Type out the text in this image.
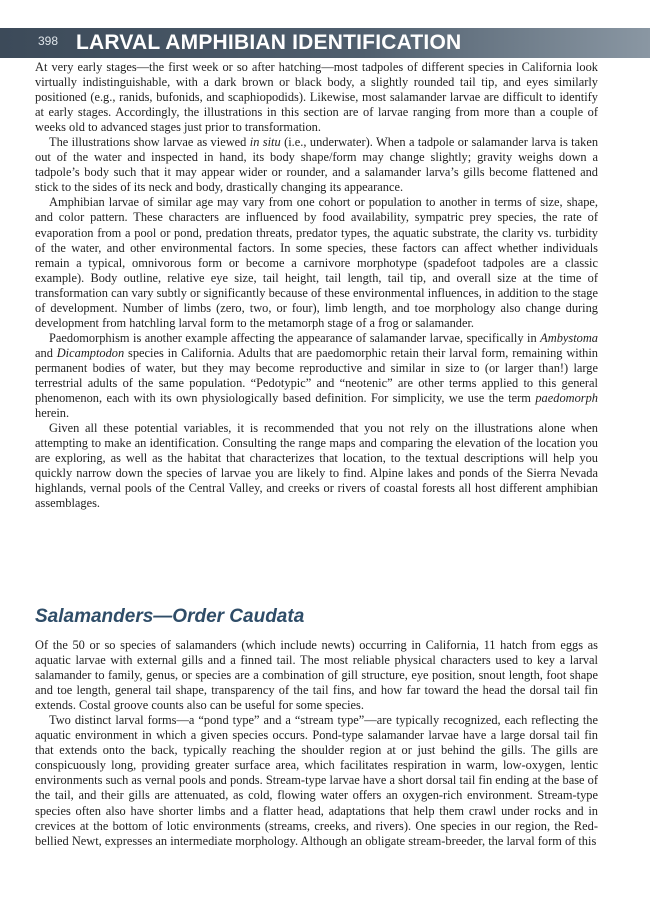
398 LARVAL AMPHIBIAN IDENTIFICATION

At very early stages—the first week or so after hatching—most tadpoles of different species in California look virtually indistinguishable, with a dark brown or black body, a slightly rounded tail tip, and eyes similarly positioned (e.g., ranids, bufonids, and scaphiopodids). Likewise, most salamander larvae are difficult to identify at early stages. Accordingly, the illustrations in this section are of larvae ranging from more than a couple of weeks old to advanced stages just prior to transformation.

The illustrations show larvae as viewed in situ (i.e., underwater). When a tadpole or salamander larva is taken out of the water and inspected in hand, its body shape/form may change slightly; gravity weighs down a tadpole’s body such that it may appear wider or rounder, and a salamander larva’s gills become flattened and stick to the sides of its neck and body, drastically changing its appearance.

Amphibian larvae of similar age may vary from one cohort or population to another in terms of size, shape, and color pattern. These characters are influenced by food availability, sympatric prey species, the rate of evaporation from a pool or pond, predation threats, predator types, the aquatic substrate, the clarity vs. turbidity of the water, and other environmental factors. In some species, these factors can affect whether individuals remain a typical, omnivorous form or become a carnivore morphotype (spadefoot tadpoles are a classic example). Body outline, relative eye size, tail height, tail length, tail tip, and overall size at the time of transformation can vary subtly or significantly because of these environmental influences, in addition to the stage of development. Number of limbs (zero, two, or four), limb length, and toe morphology also change during development from hatchling larval form to the metamorph stage of a frog or salamander.

Paedomorphism is another example affecting the appearance of salamander larvae, specifically in Ambystoma and Dicamptodon species in California. Adults that are paedomorphic retain their larval form, remaining within permanent bodies of water, but they may become reproductive and similar in size to (or larger than!) large terrestrial adults of the same population. “Pedotypic” and “neotenic” are other terms applied to this general phenomenon, each with its own physiologically based definition. For simplicity, we use the term paedomorph herein.

Given all these potential variables, it is recommended that you not rely on the illustrations alone when attempting to make an identification. Consulting the range maps and comparing the elevation of the location you are exploring, as well as the habitat that characterizes that location, to the textual descriptions will help you quickly narrow down the species of larvae you are likely to find. Alpine lakes and ponds of the Sierra Nevada highlands, vernal pools of the Central Valley, and creeks or rivers of coastal forests all host different amphibian assemblages.

Salamanders—Order Caudata

Of the 50 or so species of salamanders (which include newts) occurring in California, 11 hatch from eggs as aquatic larvae with external gills and a finned tail. The most reliable physical characters used to key a larval salamander to family, genus, or species are a combination of gill structure, eye position, snout length, foot shape and toe length, general tail shape, transparency of the tail fins, and how far toward the head the dorsal tail fin extends. Costal groove counts also can be useful for some species.

Two distinct larval forms—a “pond type” and a “stream type”—are typically recognized, each reflecting the aquatic environment in which a given species occurs. Pond-type salamander larvae have a large dorsal tail fin that extends onto the back, typically reaching the shoulder region at or just behind the gills. The gills are conspicuously long, providing greater surface area, which facilitates respiration in warm, low-oxygen, lentic environments such as vernal pools and ponds. Stream-type larvae have a short dorsal tail fin ending at the base of the tail, and their gills are attenuated, as cold, flowing water offers an oxygen-rich environment. Stream-type species often also have shorter limbs and a flatter head, adaptations that help them crawl under rocks and in crevices at the bottom of lotic environments (streams, creeks, and rivers). One species in our region, the Red-bellied Newt, expresses an intermediate morphology. Although an obligate stream-breeder, the larval form of this
